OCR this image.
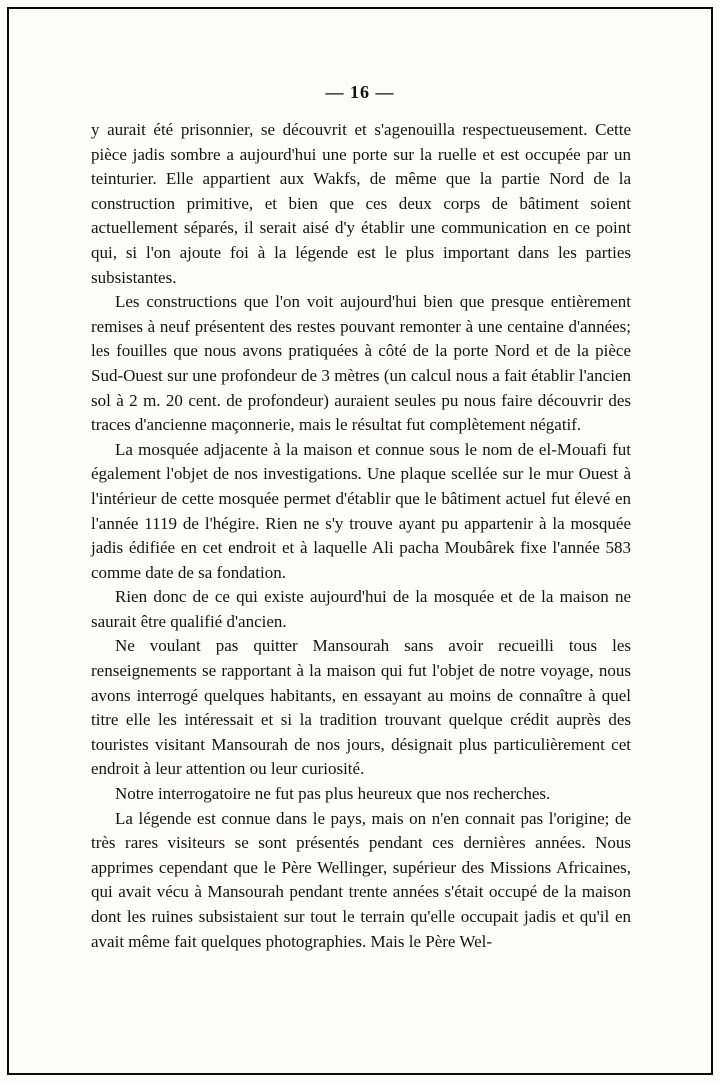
— 16 —

y aurait été prisonnier, se découvrit et s'agenouilla respectueusement. Cette pièce jadis sombre a aujourd'hui une porte sur la ruelle et est occupée par un teinturier. Elle appartient aux Wakfs, de même que la partie Nord de la construction primitive, et bien que ces deux corps de bâtiment soient actuellement séparés, il serait aisé d'y établir une communication en ce point qui, si l'on ajoute foi à la légende est le plus important dans les parties subsistantes.

Les constructions que l'on voit aujourd'hui bien que presque entièrement remises à neuf présentent des restes pouvant remonter à une centaine d'années; les fouilles que nous avons pratiquées à côté de la porte Nord et de la pièce Sud-Ouest sur une profondeur de 3 mètres (un calcul nous a fait établir l'ancien sol à 2 m. 20 cent. de profondeur) auraient seules pu nous faire découvrir des traces d'ancienne maçonnerie, mais le résultat fut complètement négatif.

La mosquée adjacente à la maison et connue sous le nom de el-Mouafi fut également l'objet de nos investigations. Une plaque scellée sur le mur Ouest à l'intérieur de cette mosquée permet d'établir que le bâtiment actuel fut élevé en l'année 1119 de l'hégire. Rien ne s'y trouve ayant pu appartenir à la mosquée jadis édifiée en cet endroit et à laquelle Ali pacha Moubârek fixe l'année 583 comme date de sa fondation.

Rien donc de ce qui existe aujourd'hui de la mosquée et de la maison ne saurait être qualifié d'ancien.

Ne voulant pas quitter Mansourah sans avoir recueilli tous les renseignements se rapportant à la maison qui fut l'objet de notre voyage, nous avons interrogé quelques habitants, en essayant au moins de connaître à quel titre elle les intéressait et si la tradition trouvant quelque crédit auprès des touristes visitant Mansourah de nos jours, désignait plus particulièrement cet endroit à leur attention ou leur curiosité.

Notre interrogatoire ne fut pas plus heureux que nos recherches.

La légende est connue dans le pays, mais on n'en connait pas l'origine; de très rares visiteurs se sont présentés pendant ces dernières années. Nous apprimes cependant que le Père Wellinger, supérieur des Missions Africaines, qui avait vécu à Mansourah pendant trente années s'était occupé de la maison dont les ruines subsistaient sur tout le terrain qu'elle occupait jadis et qu'il en avait même fait quelques photographies. Mais le Père Wel-
